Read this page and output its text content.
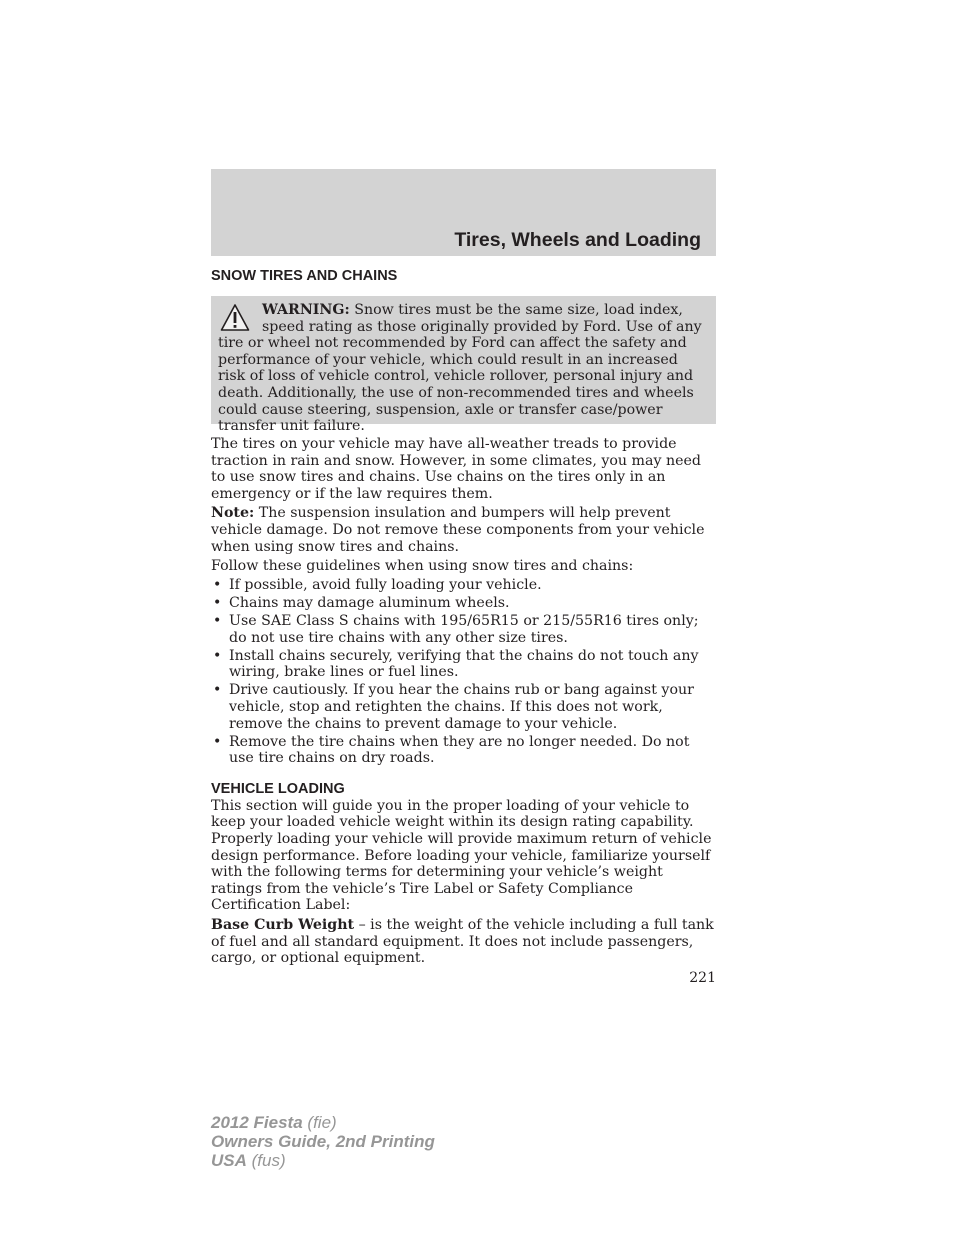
Tires, Wheels and Loading
SNOW TIRES AND CHAINS
WARNING: Snow tires must be the same size, load index, speed rating as those originally provided by Ford. Use of any tire or wheel not recommended by Ford can affect the safety and performance of your vehicle, which could result in an increased risk of loss of vehicle control, vehicle rollover, personal injury and death. Additionally, the use of non-recommended tires and wheels could cause steering, suspension, axle or transfer case/power transfer unit failure.

The tires on your vehicle may have all-weather treads to provide traction in rain and snow. However, in some climates, you may need to use snow tires and chains. Use chains on the tires only in an emergency or if the law requires them.

Note: The suspension insulation and bumpers will help prevent vehicle damage. Do not remove these components from your vehicle when using snow tires and chains.

Follow these guidelines when using snow tires and chains:

• If possible, avoid fully loading your vehicle.
• Chains may damage aluminum wheels.
• Use SAE Class S chains with 195/65R15 or 215/55R16 tires only; do not use tire chains with any other size tires.
• Install chains securely, verifying that the chains do not touch any wiring, brake lines or fuel lines.
• Drive cautiously. If you hear the chains rub or bang against your vehicle, stop and retighten the chains. If this does not work, remove the chains to prevent damage to your vehicle.
• Remove the tire chains when they are no longer needed. Do not use tire chains on dry roads.
VEHICLE LOADING

This section will guide you in the proper loading of your vehicle to keep your loaded vehicle weight within its design rating capability. Properly loading your vehicle will provide maximum return of vehicle design performance. Before loading your vehicle, familiarize yourself with the following terms for determining your vehicle’s weight ratings from the vehicle’s Tire Label or Safety Compliance Certification Label:

Base Curb Weight – is the weight of the vehicle including a full tank of fuel and all standard equipment. It does not include passengers, cargo, or optional equipment.

221
2012 Fiesta (fie)
Owners Guide, 2nd Printing
USA (fus)
